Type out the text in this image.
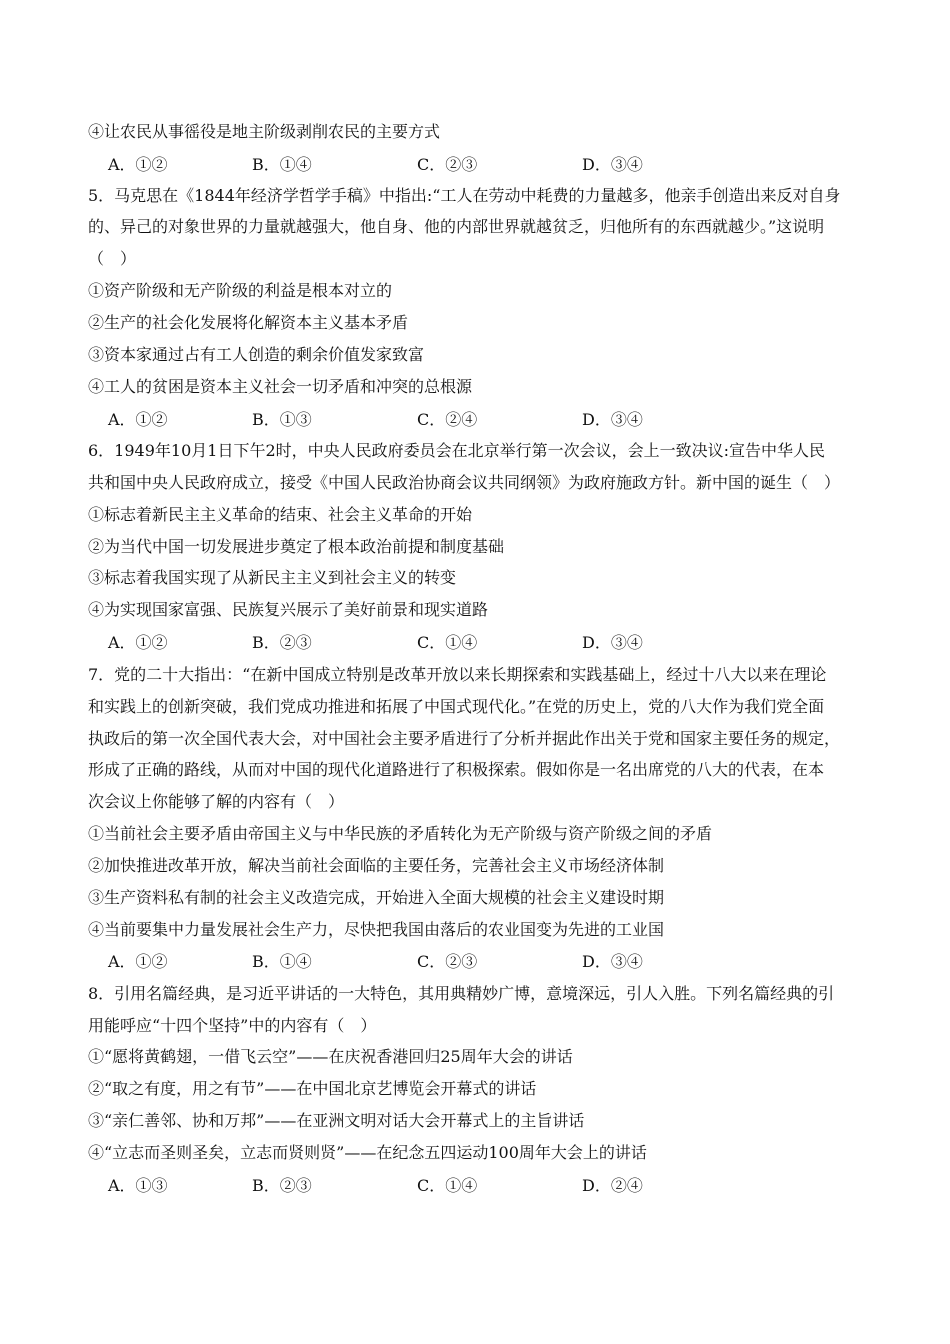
④让农民从事徭役是地主阶级剥削农民的主要方式
A．①②	B．①④	C．②③	D．③④
5．马克思在《1844年经济学哲学手稿》中指出:“工人在劳动中耗费的力量越多，他亲手创造出来反对自身
的、异己的对象世界的力量就越强大，他自身、他的内部世界就越贫乏，归他所有的东西就越少。”这说明
（　）
①资产阶级和无产阶级的利益是根本对立的
②生产的社会化发展将化解资本主义基本矛盾
③资本家通过占有工人创造的剩余价值发家致富
④工人的贫困是资本主义社会一切矛盾和冲突的总根源
A．①②	B．①③	C．②④	D．③④
6．1949年10月1日下午2时，中央人民政府委员会在北京举行第一次会议，会上一致决议:宣告中华人民
共和国中央人民政府成立，接受《中国人民政治协商会议共同纲领》为政府施政方针。新中国的诞生（　）
①标志着新民主主义革命的结束、社会主义革命的开始
②为当代中国一切发展进步奠定了根本政治前提和制度基础
③标志着我国实现了从新民主主义到社会主义的转变
④为实现国家富强、民族复兴展示了美好前景和现实道路
A．①②	B．②③	C．①④	D．③④
7．党的二十大指出：“在新中国成立特别是改革开放以来长期探索和实践基础上，经过十八大以来在理论
和实践上的创新突破，我们党成功推进和拓展了中国式现代化。”在党的历史上，党的八大作为我们党全面
执政后的第一次全国代表大会，对中国社会主要矛盾进行了分析并据此作出关于党和国家主要任务的规定，
形成了正确的路线，从而对中国的现代化道路进行了积极探索。假如你是一名出席党的八大的代表，在本
次会议上你能够了解的内容有（　）
①当前社会主要矛盾由帝国主义与中华民族的矛盾转化为无产阶级与资产阶级之间的矛盾
②加快推进改革开放，解决当前社会面临的主要任务，完善社会主义市场经济体制
③生产资料私有制的社会主义改造完成，开始进入全面大规模的社会主义建设时期
④当前要集中力量发展社会生产力，尽快把我国由落后的农业国变为先进的工业国
A．①②	B．①④	C．②③	D．③④
8．引用名篇经典，是习近平讲话的一大特色，其用典精妙广博，意境深远，引人入胜。下列名篇经典的引
用能呼应“十四个坚持”中的内容有（　）
①“愿将黄鹤翅，一借飞云空”——在庆祝香港回归25周年大会的讲话
②“取之有度，用之有节”——在中国北京艺博览会开幕式的讲话
③“亲仁善邻、协和万邦”——在亚洲文明对话大会开幕式上的主旨讲话
④“立志而圣则圣矣，立志而贤则贤”——在纪念五四运动100周年大会上的讲话
A．①③	B．②③	C．①④	D．②④
